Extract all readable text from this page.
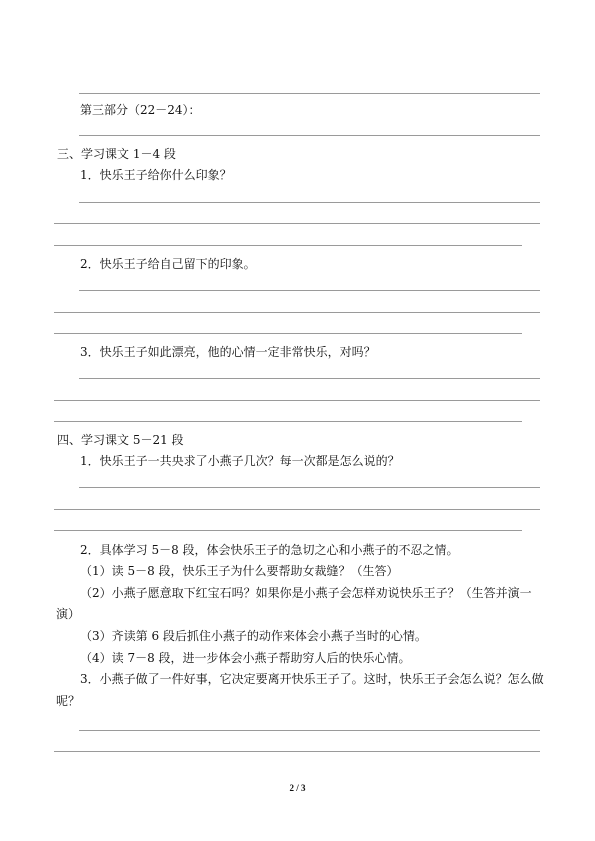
第三部分（22－24）：
三、学习课文 1－4 段
1．快乐王子给你什么印象？
2．快乐王子给自己留下的印象。
3．快乐王子如此漂亮，他的心情一定非常快乐，对吗？
四、学习课文 5－21 段
1．快乐王子一共央求了小燕子几次？每一次都是怎么说的？
2．具体学习 5－8 段，体会快乐王子的急切之心和小燕子的不忍之情。
（1）读 5－8 段，快乐王子为什么要帮助女裁缝？（生答）
（2）小燕子愿意取下红宝石吗？如果你是小燕子会怎样劝说快乐王子？（生答并演一
演）
（3）齐读第 6 段后抓住小燕子的动作来体会小燕子当时的心情。
（4）读 7－8 段，进一步体会小燕子帮助穷人后的快乐心情。
3．小燕子做了一件好事，它决定要离开快乐王子了。这时，快乐王子会怎么说？怎么做
呢？
2 / 3
